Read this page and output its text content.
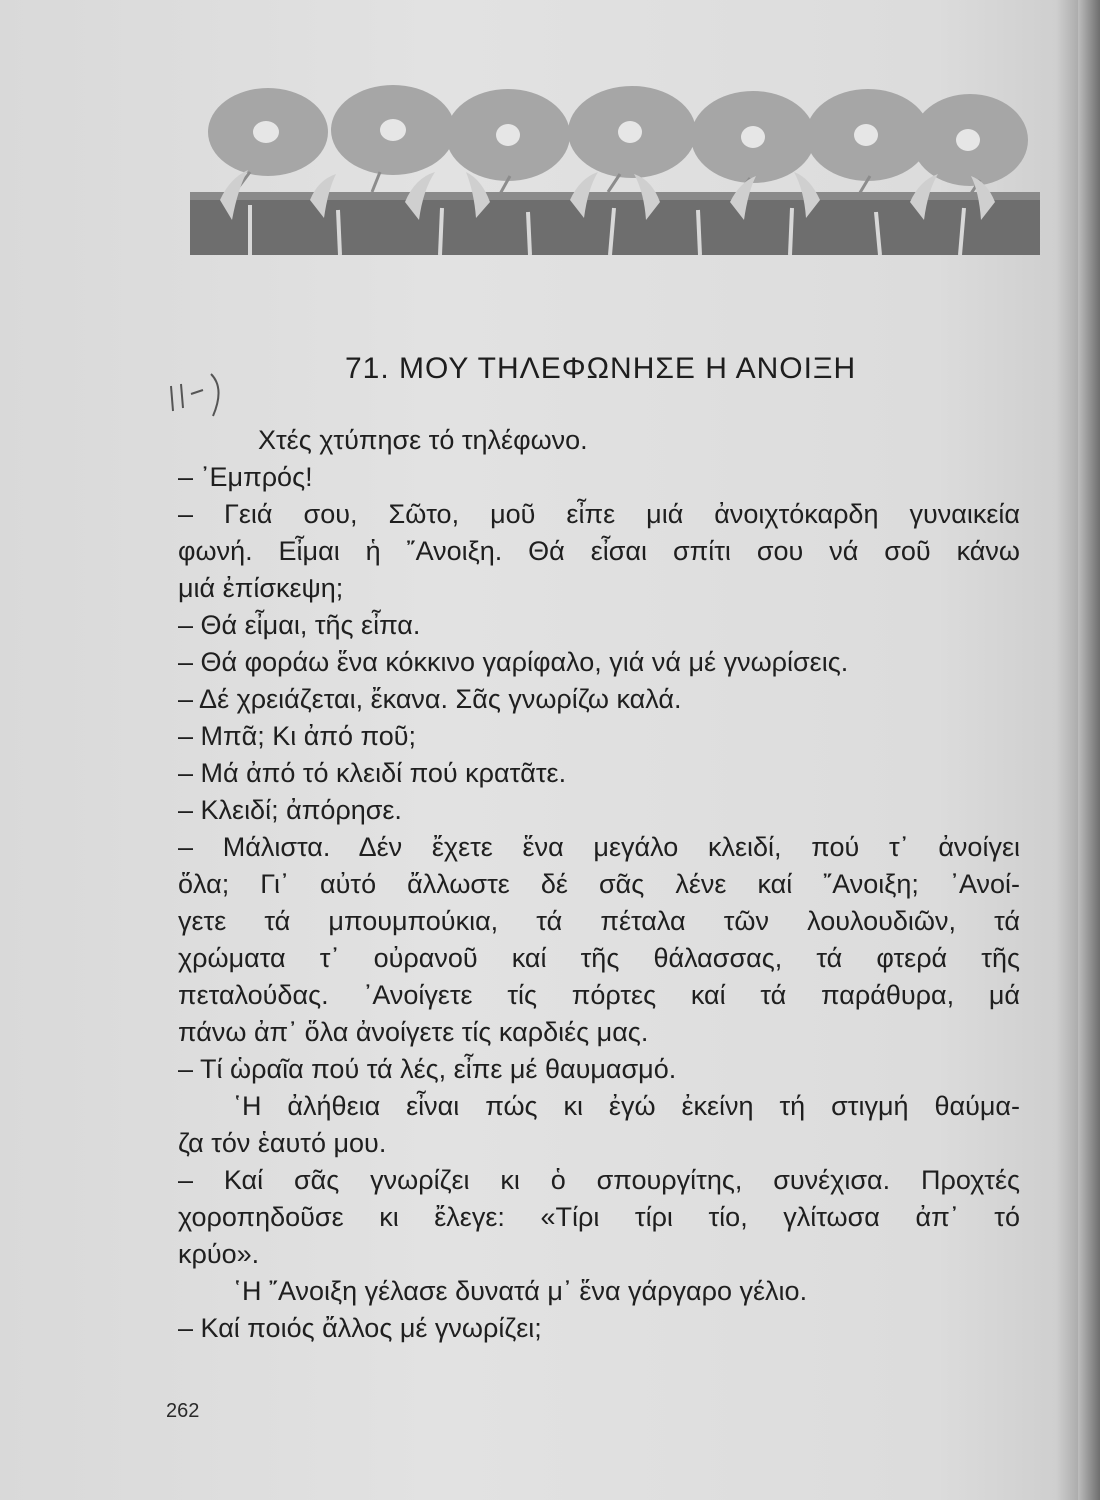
71. ΜΟΥ ΤΗΛΕΦΩΝΗΣΕ Η ΑΝΟΙΞΗ
Χτές χτύπησε τό τηλέφωνο.
– ᾽Εμπρός!
– Γειά σου, Σῶτο, μοῦ εἶπε μιά ἀνοιχτόκαρδη γυναικεία
φωνή. Εἶμαι ἡ ῎Ανοιξη. Θά εἶσαι σπίτι σου νά σοῦ κάνω
μιά ἐπίσκεψη;
– Θά εἶμαι, τῆς εἶπα.
– Θά φοράω ἕνα κόκκινο γαρίφαλο, γιά νά μέ γνωρίσεις.
– Δέ χρειάζεται, ἔκανα. Σᾶς γνωρίζω καλά.
– Μπᾶ; Κι ἀπό ποῦ;
– Μά ἀπό τό κλειδί πού κρατᾶτε.
– Κλειδί; ἀπόρησε.
– Μάλιστα. Δέν ἔχετε ἕνα μεγάλο κλειδί, πού τ᾽ ἀνοίγει
ὅλα; Γι᾽ αὐτό ἄλλωστε δέ σᾶς λένε καί ῎Ανοιξη; ᾽Ανοί-
γετε τά μπουμπούκια, τά πέταλα τῶν λουλουδιῶν, τά
χρώματα τ᾽ οὐρανοῦ καί τῆς θάλασσας, τά φτερά τῆς
πεταλούδας. ᾽Ανοίγετε τίς πόρτες καί τά παράθυρα, μά
πάνω ἀπ᾽ ὅλα ἀνοίγετε τίς καρδιές μας.
– Τί ὡραῖα πού τά λές, εἶπε μέ θαυμασμό.
῾Η ἀλήθεια εἶναι πώς κι ἐγώ ἐκείνη τή στιγμή θαύμα-
ζα τόν ἑαυτό μου.
– Καί σᾶς γνωρίζει κι ὁ σπουργίτης, συνέχισα. Προχτές
χοροπηδοῦσε κι ἔλεγε: «Τίρι τίρι τίο, γλίτωσα ἀπ᾽ τό
κρύο».
῾Η ῎Ανοιξη γέλασε δυνατά μ᾽ ἕνα γάργαρο γέλιο.
– Καί ποιός ἄλλος μέ γνωρίζει;
262
